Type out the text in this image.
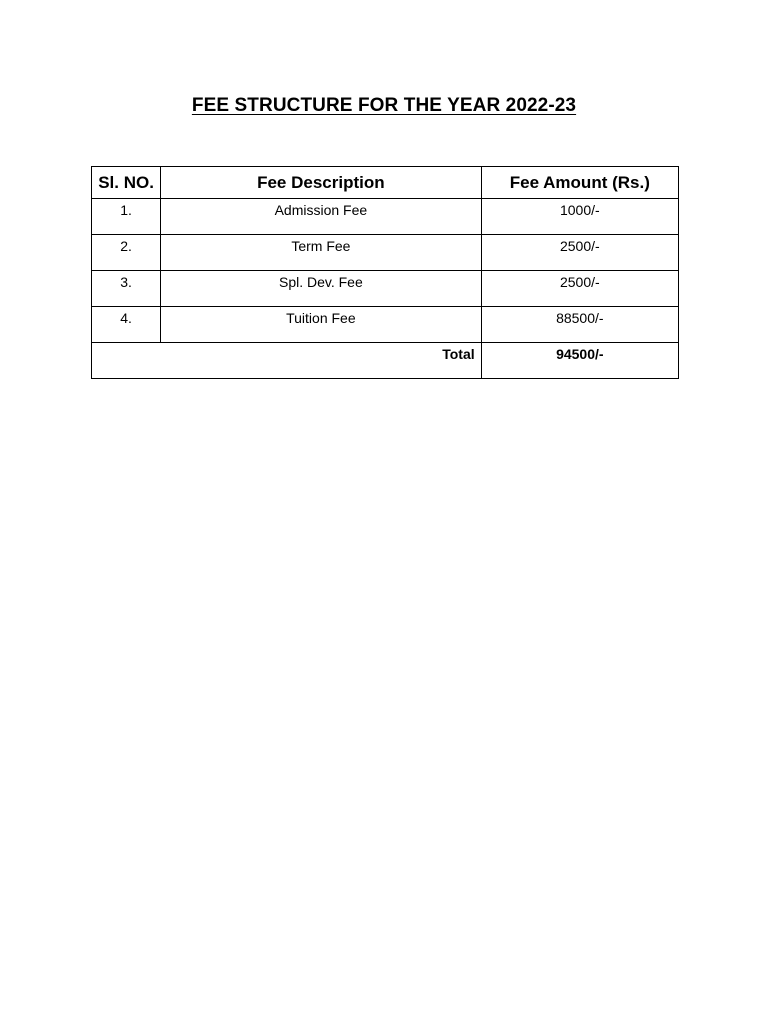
FEE STRUCTURE FOR THE YEAR 2022-23
Sl. NO.	Fee Description	Fee Amount (Rs.)
1.	Admission Fee	1000/-
2.	Term Fee	2500/-
3.	Spl. Dev. Fee	2500/-
4.	Tuition Fee	88500/-
Total		94500/-
